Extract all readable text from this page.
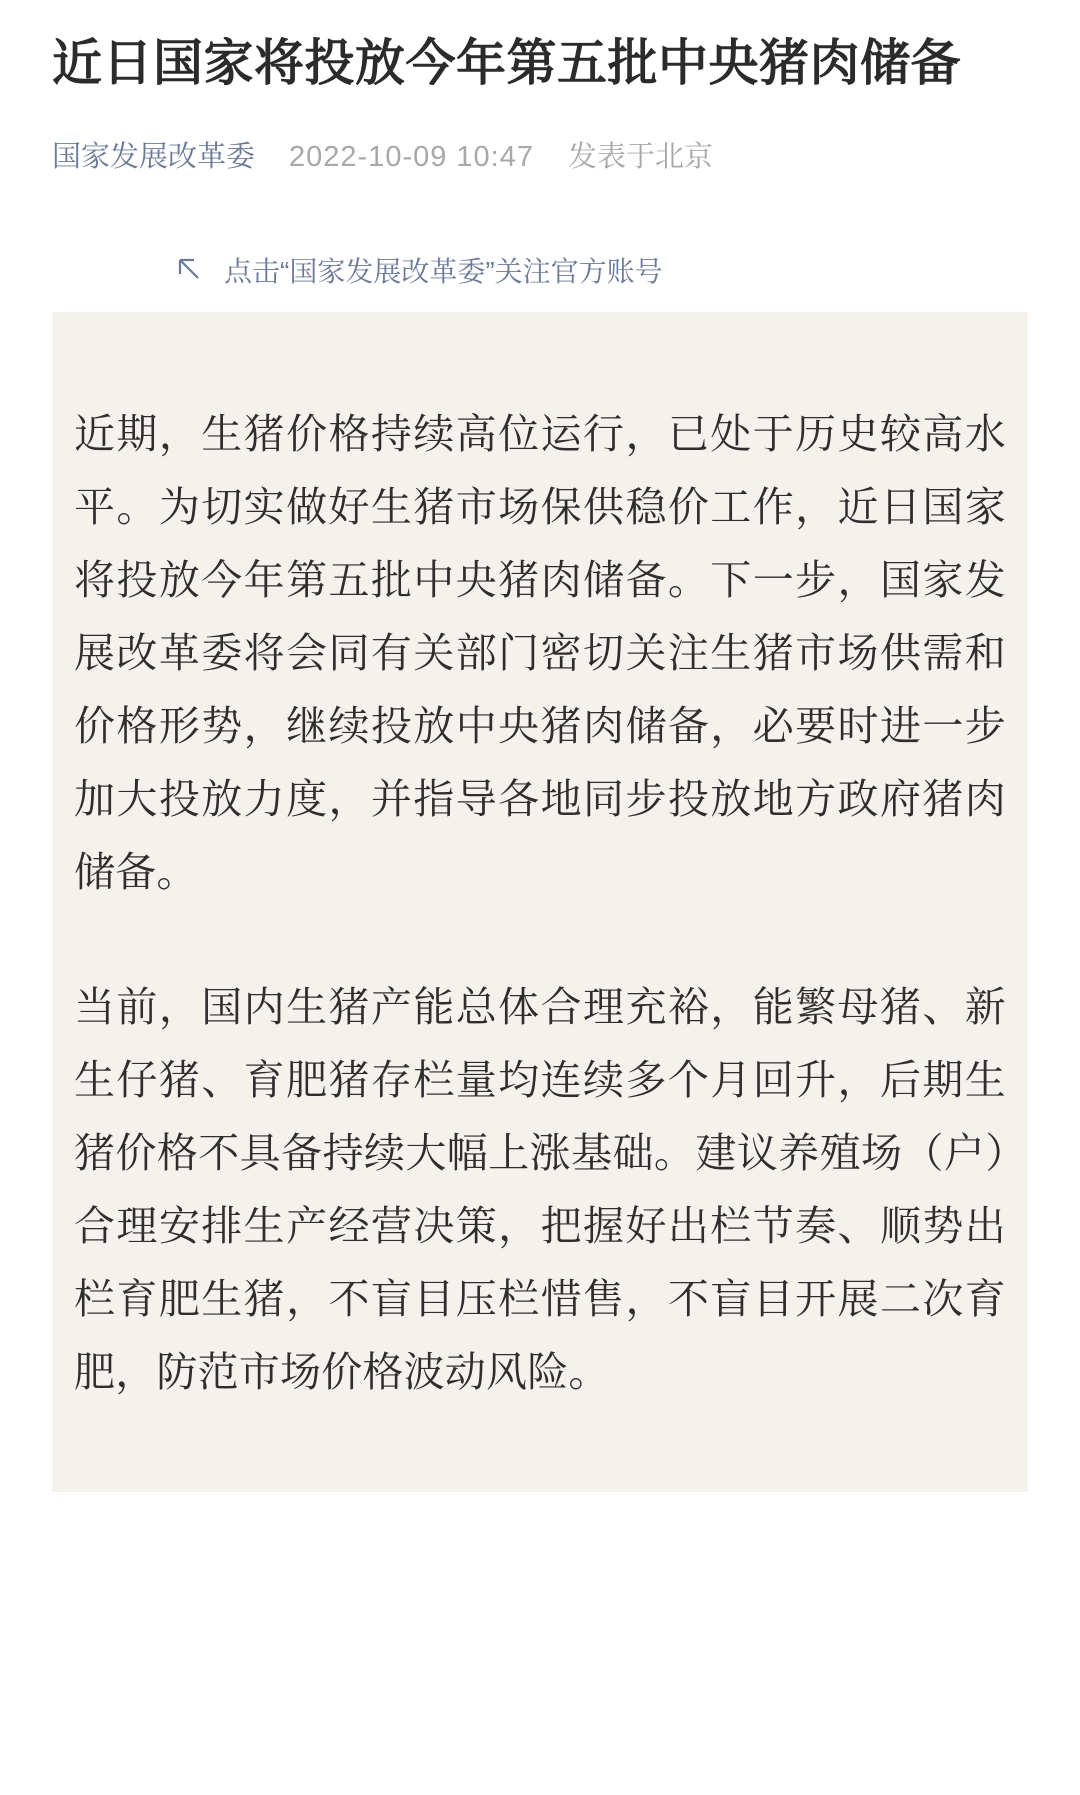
近日国家将投放今年第五批中央猪肉储备
国家发展改革委 2022-10-09 10:47 发表于北京
点击“国家发展改革委”关注官方账号

近期，生猪价格持续高位运行，已处于历史较高水平。为切实做好生猪市场保供稳价工作，近日国家将投放今年第五批中央猪肉储备。下一步，国家发展改革委将会同有关部门密切关注生猪市场供需和价格形势，继续投放中央猪肉储备，必要时进一步加大投放力度，并指导各地同步投放地方政府猪肉储备。

当前，国内生猪产能总体合理充裕，能繁母猪、新生仔猪、育肥猪存栏量均连续多个月回升，后期生猪价格不具备持续大幅上涨基础。建议养殖场（户）合理安排生产经营决策，把握好出栏节奏、顺势出栏育肥生猪，不盲目压栏惜售，不盲目开展二次育肥，防范市场价格波动风险。
